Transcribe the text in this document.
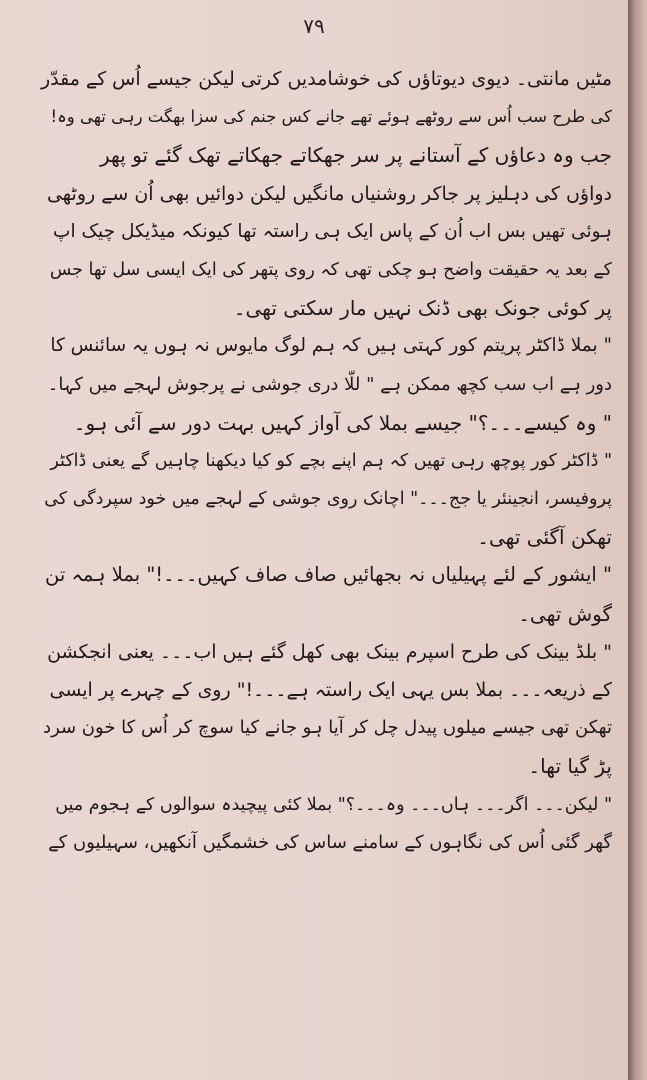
۷۹
مٹیں مانتی۔ دیوی دیوتاؤں کی خوشامدیں کرتی لیکن جیسے اُس کے مقدّر
کی طرح سب اُس سے روٹھے ہوئے تھے جانے کس جنم کی سزا بھگت رہی تھی وہ!
جب وہ دعاؤں کے آستانے پر سر جھکاتے جھکاتے تھک گئے تو پھر
دواؤں کی دہلیز پر جاکر روشنیاں مانگیں لیکن دوائیں بھی اُن سے روٹھی
ہوئی تھیں بس اب اُن کے پاس ایک ہی راستہ تھا کیونکہ میڈیکل چیک اپ
کے بعد یہ حقیقت واضح ہو چکی تھی کہ روی پتھر کی ایک ایسی سل تھا جس
پر کوئی جونک بھی ڈنک نہیں مار سکتی تھی۔
" بملا ڈاکٹر پریتم کور کہتی ہیں کہ ہم لوگ مایوس نہ ہوں یہ سائنس کا
دور ہے اب سب کچھ ممکن ہے " للّا دری جوشی نے پرجوش لہجے میں کہا۔
" وہ کیسے۔۔۔؟" جیسے بملا کی آواز کہیں بہت دور سے آئی ہو۔
" ڈاکٹر کور پوچھ رہی تھیں کہ ہم اپنے بچے کو کیا دیکھنا چاہیں گے یعنی ڈاکٹر
پروفیسر، انجینئر یا جج۔۔۔" اچانک روی جوشی کے لہجے میں خود سپردگی کی
تھکن آگئی تھی۔
" ایشور کے لئے پہیلیاں نہ بجھائیں صاف صاف کہیں۔۔۔!" بملا ہمہ تن
گوش تھی۔
" بلڈ بینک کی طرح اسپرم بینک بھی کھل گئے ہیں اب۔۔۔ یعنی انجکشن
کے ذریعہ۔۔۔ بملا بس یہی ایک راستہ ہے۔۔۔!" روی کے چہرے پر ایسی
تھکن تھی جیسے میلوں پیدل چل کر آیا ہو جانے کیا سوچ کر اُس کا خون سرد
پڑ گیا تھا۔
" لیکن۔۔۔ اگر۔۔۔ ہاں۔۔۔ وہ۔۔۔؟" بملا کئی پیچیدہ سوالوں کے ہجوم میں
گھر گئی اُس کی نگاہوں کے سامنے ساس کی خشمگیں آنکھیں، سہیلیوں کے
